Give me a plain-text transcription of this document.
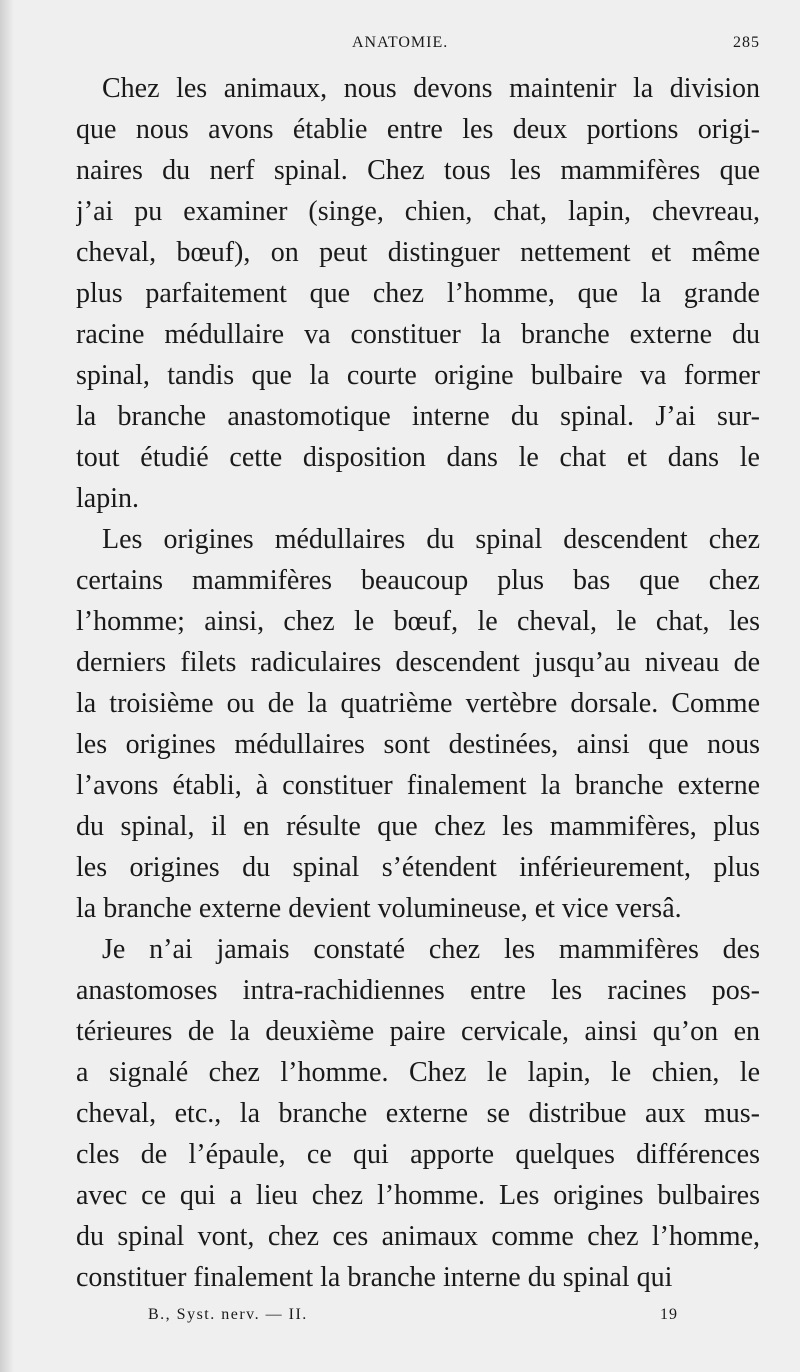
ANATOMIE.	285
Chez les animaux, nous devons maintenir la division
que nous avons établie entre les deux portions origi-
naires du nerf spinal. Chez tous les mammifères que
j’ai pu examiner (singe, chien, chat, lapin, chevreau,
cheval, bœuf), on peut distinguer nettement et même
plus parfaitement que chez l’homme, que la grande
racine médullaire va constituer la branche externe du
spinal, tandis que la courte origine bulbaire va former
la branche anastomotique interne du spinal. J’ai sur-
tout étudié cette disposition dans le chat et dans le
lapin.
Les origines médullaires du spinal descendent chez
certains mammifères beaucoup plus bas que chez
l’homme; ainsi, chez le bœuf, le cheval, le chat, les
derniers filets radiculaires descendent jusqu’au niveau de
la troisième ou de la quatrième vertèbre dorsale. Comme
les origines médullaires sont destinées, ainsi que nous
l’avons établi, à constituer finalement la branche externe
du spinal, il en résulte que chez les mammifères, plus
les origines du spinal s’étendent inférieurement, plus
la branche externe devient volumineuse, et vice versâ.
Je n’ai jamais constaté chez les mammifères des
anastomoses intra-rachidiennes entre les racines pos-
térieures de la deuxième paire cervicale, ainsi qu’on en
a signalé chez l’homme. Chez le lapin, le chien, le
cheval, etc., la branche externe se distribue aux mus-
cles de l’épaule, ce qui apporte quelques différences
avec ce qui a lieu chez l’homme. Les origines bulbaires
du spinal vont, chez ces animaux comme chez l’homme,
constituer finalement la branche interne du spinal qui
B., Syst. nerv. — II.	19
